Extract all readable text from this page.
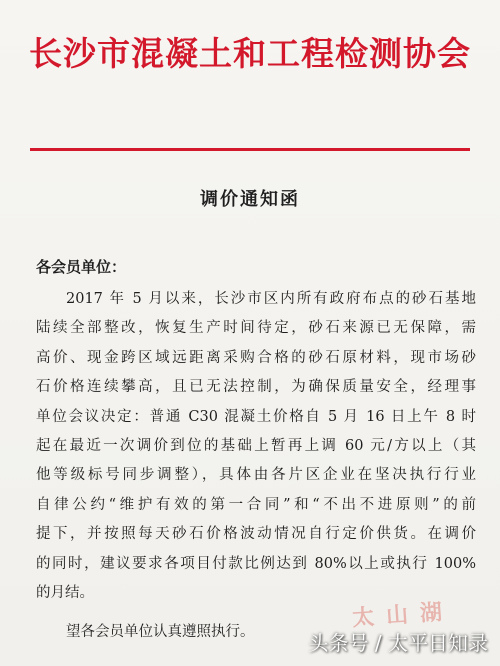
长沙市混凝土和工程检测协会
调价通知函
各会员单位：
2017 年 5 月以来，长沙市区内所有政府布点的砂石基地
陆续全部整改，恢复生产时间待定，砂石来源已无保障，需
高价、现金跨区域远距离采购合格的砂石原材料，现市场砂
石价格连续攀高，且已无法控制，为确保质量安全，经理事
单位会议决定：普通 C30 混凝土价格自 5 月 16 日上午 8 时
起在最近一次调价到位的基础上暂再上调 60 元/方以上（其
他等级标号同步调整），具体由各片区企业在坚决执行行业
自律公约“维护有效的第一合同”和“不出不进原则”的前
提下，并按照每天砂石价格波动情况自行定价供货。在调价
的同时，建议要求各项目付款比例达到 80%以上或执行 100%
的月结。
望各会员单位认真遵照执行。
太山湖
头条号 / 太平日知录
